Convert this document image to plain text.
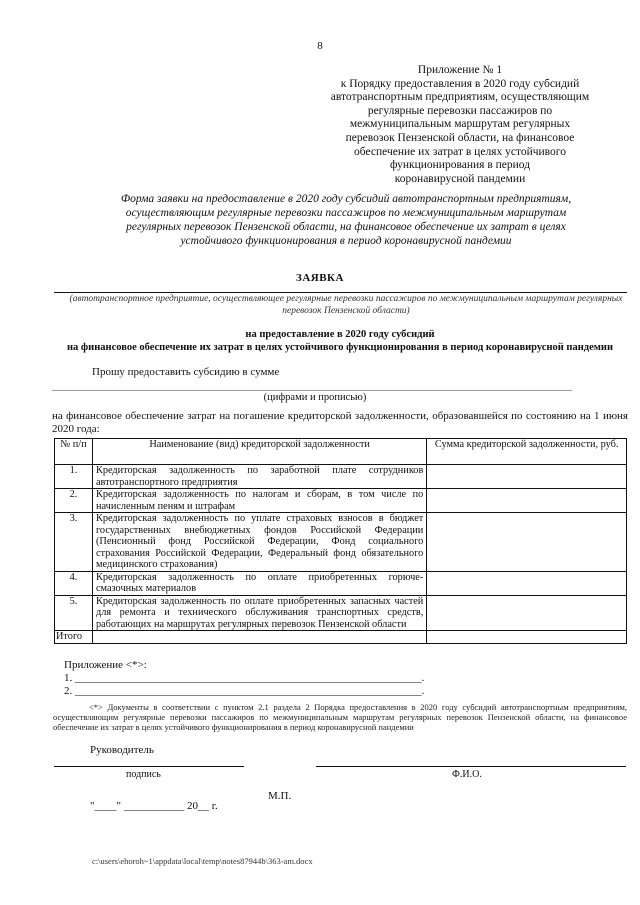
8
Приложение № 1
к Порядку предоставления в 2020 году субсидий
автотранспортным предприятиям, осуществляющим
регулярные перевозки пассажиров по
межмуниципальным маршрутам регулярных
перевозок Пензенской области, на финансовое
обеспечение их затрат в целях устойчивого
функционирования в период
коронавирусной пандемии
Форма заявки на предоставление в 2020 году субсидий автотранспортным предприятиям,
осуществляющим регулярные перевозки пассажиров по межмуниципальным маршрутам
регулярных перевозок Пензенской области, на финансовое обеспечение их затрат в целях
устойчивого функционирования в период коронавирусной пандемии
ЗАЯВКА
(автотранспортное предприятие, осуществляющее регулярные перевозки пассажиров по межмуниципальным маршрутам регулярных перевозок Пензенской области)
на предоставление в 2020 году субсидий
на финансовое обеспечение их затрат в целях устойчивого функционирования в период коронавирусной пандемии
Прошу предоставить субсидию в сумме
(цифрами и прописью)
на финансовое обеспечение затрат на погашение кредиторской задолженности, образовавшейся по состоянию на 1 июня 2020 года:
№ п/п	Наименование (вид) кредиторской задолженности	Сумма кредиторской задолженности, руб.
1.	Кредиторская задолженность по заработной плате сотрудников автотранспортного предприятия	
2.	Кредиторская задолженность по налогам и сборам, в том числе по начисленным пеням и штрафам	
3.	Кредиторская задолженность по уплате страховых взносов в бюджет государственных внебюджетных фондов Российской Федерации (Пенсионный фонд Российской Федерации, Фонд социального страхования Российской Федерации, Федеральный фонд обязательного медицинского страхования)	
4.	Кредиторская задолженность по оплате приобретенных горюче-смазочных материалов	
5.	Кредиторская задолженность по оплате приобретенных запасных частей для ремонта и технического обслуживания транспортных средств, работающих на маршрутах регулярных перевозок Пензенской области	
Итого		
Приложение <*>:
1. _______________________________________________________________.
2. _______________________________________________________________.
<*> Документы в соответствии с пунктом 2.1 раздела 2 Порядка предоставления в 2020 году субсидий автотранспортным предприятиям, осуществляющим регулярные перевозки пассажиров по межмуниципальным маршрутам регулярных перевозок Пензенской области, на финансовое обеспечение их затрат в целях устойчивого функционирования в период коронавирусной пандемии
Руководитель
подпись	Ф.И.О.
М.П.
"____" ___________ 20__ г.
c:\users\ehoroh~1\appdata\local\temp\notes87944b\363-am.docx
